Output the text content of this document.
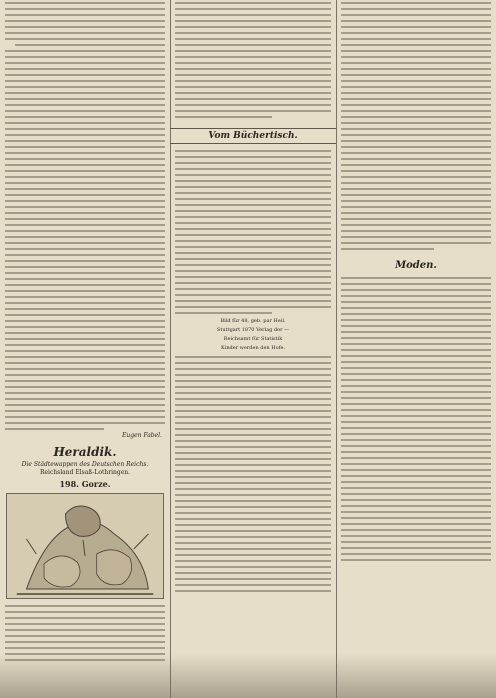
Eugen Fabel.
Heraldik.
Die Städtewappen des Deutschen Reichs.
Reichsland Elsaß-Lothringen.
198. Gorze.
Vom Büchertisch.
Bild für 48, geb. par Heil.
Stuttgart 1870 Verlag der —
Reichsamt für Statistik
Kinder werden den Hofe.
Moden.
